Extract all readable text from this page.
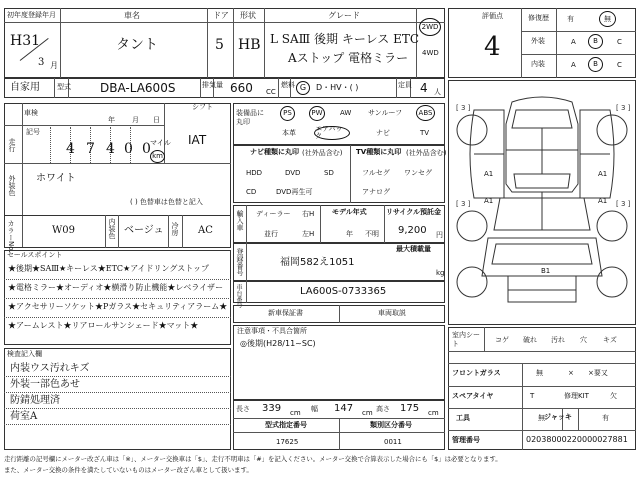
初年度登録年月	車名	ドア 形状	グレード
H31
3 月
タント	5 HB L SAⅢ 後期 キーレス ETC
Aストップ 電格ミラー
2WD
4WD
自家用 型式 DBA-LA600S	排気量 660 CC
燃料 G	D・HV・( )	定員 4 人
車検
年 月 日
シフト
IAT
走行
記号
4 7 4 0 0 マイル
km
外装色 ホワイト
( ) 色替車は色替と記入
カラーNo.	W09	内装色 ベージュ 冷房 AC
装備品に丸印
PS	PW	AW サンルーフ	ABS
本革	エアバック	ナビ	TV
ナビ種類に丸印 (社外品含む)
HDD	DVD	SD
CD	DVD再生可
TV種類に丸印 (社外品含む)
フルセグ ワンセグ
アナログ
輸入車 ディーラー
並行
右H
左H
モデル年式
年 不明
リサイクル預託金
9,200 円
登録番号	最大積載量
福岡582え1051
kg
車台番号	LA600S-0733365
新車保証書	車両取説
注意事項・不具合箇所
◎後期(H28/11~SC)
長さ 339 cm 幅 147 cm 高さ 175 cm
型式指定番号
17625
類別区分番号
0011
セールスポイント
★後期★SAⅢ★キーレス★ETC★アイドリングストップ
★電格ミラー★オーディオ★横滑り防止機能★レベライザー
★アクセサリーソケット★Pガラス★セキュリティアラーム★
★アームレスト★リアロールサンシェード★マット★
検査記入欄
内装ウス汚れキズ
外装一部色あせ
防錆処理済
荷室A
評価点
4
修復歴	有	無
外装	A	B	C
内装	A	B	C
[ 3 ]	[ 3 ]
[ 3 ]	[ 3 ]
A1	A1
A1	A1
B1
室内シート
コゲ 破れ 汚れ 穴 キズ
フロントガラス	無	× ×要又
スペアタイヤ	T	修理KIT	欠
工具	無 ジャッキ	有
管理番号	02038000220000027881
走行距離の記号欄にメーター改ざん車は「※」、メーター交換車は「$」、走行不明車は「#」を記入ください。メーター交換で合算表示した場合にも「$」は必要となります。
また、メーター交換の条件を満たしていないものはメーター改ざん車として扱います。
